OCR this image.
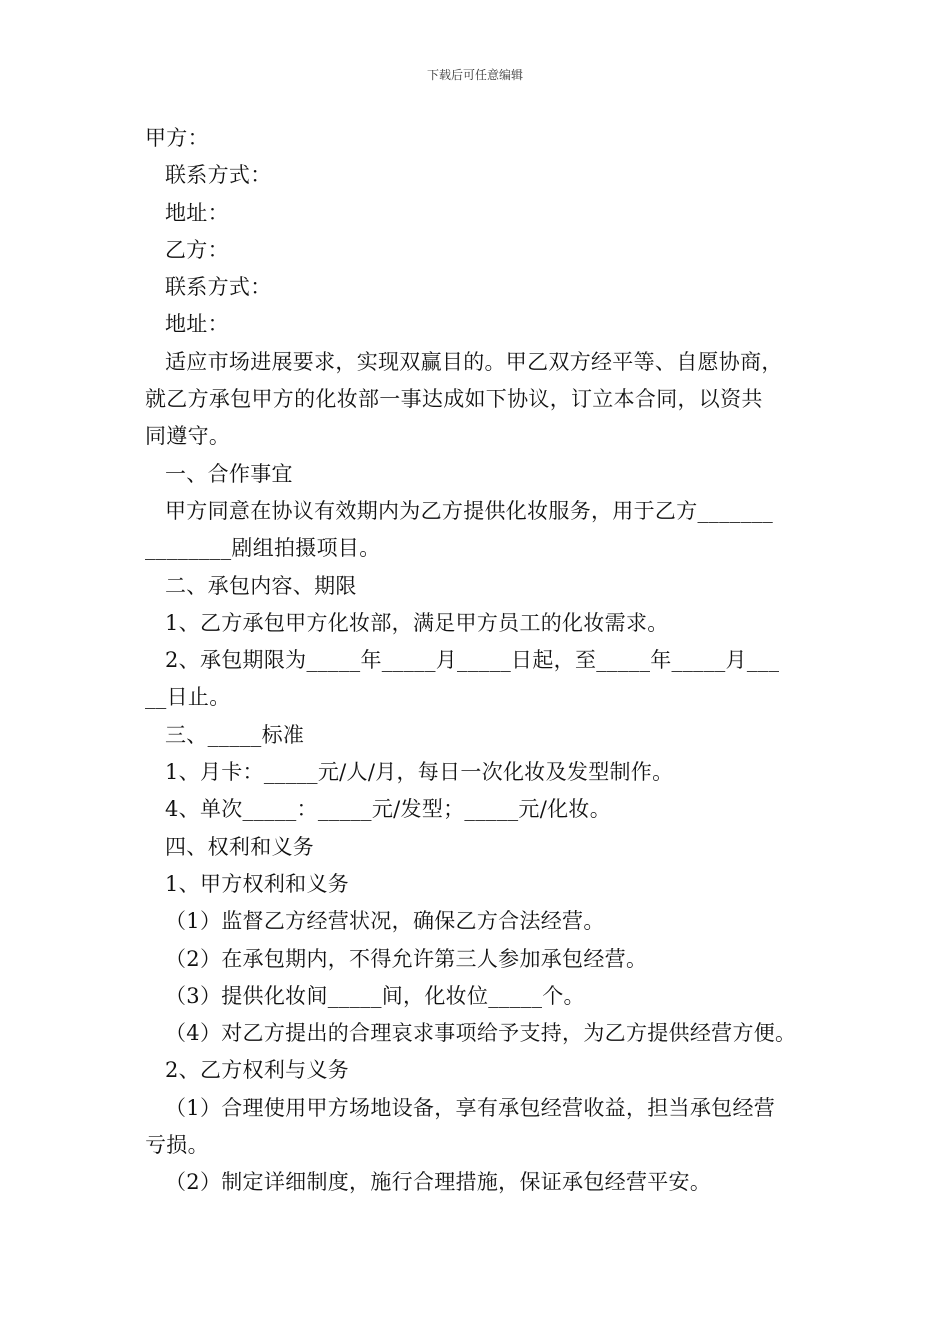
下载后可任意编辑
甲方：
联系方式：
地址：
乙方：
联系方式：
地址：
适应市场进展要求，实现双赢目的。甲乙双方经平等、自愿协商，
就乙方承包甲方的化妆部一事达成如下协议，订立本合同，以资共
同遵守。
一、合作事宜
甲方同意在协议有效期内为乙方提供化妆服务，用于乙方_______
________剧组拍摄项目。
二、承包内容、期限
1、乙方承包甲方化妆部，满足甲方员工的化妆需求。
2、承包期限为_____年_____月_____日起，至_____年_____月___
__日止。
三、_____标准
1、月卡：_____元/人/月，每日一次化妆及发型制作。
4、单次_____：_____元/发型；_____元/化妆。
四、权利和义务
1、甲方权利和义务
（1）监督乙方经营状况，确保乙方合法经营。
（2）在承包期内，不得允许第三人参加承包经营。
（3）提供化妆间_____间，化妆位_____个。
（4）对乙方提出的合理哀求事项给予支持，为乙方提供经营方便。
2、乙方权利与义务
（1）合理使用甲方场地设备，享有承包经营收益，担当承包经营
亏损。
（2）制定详细制度，施行合理措施，保证承包经营平安。
